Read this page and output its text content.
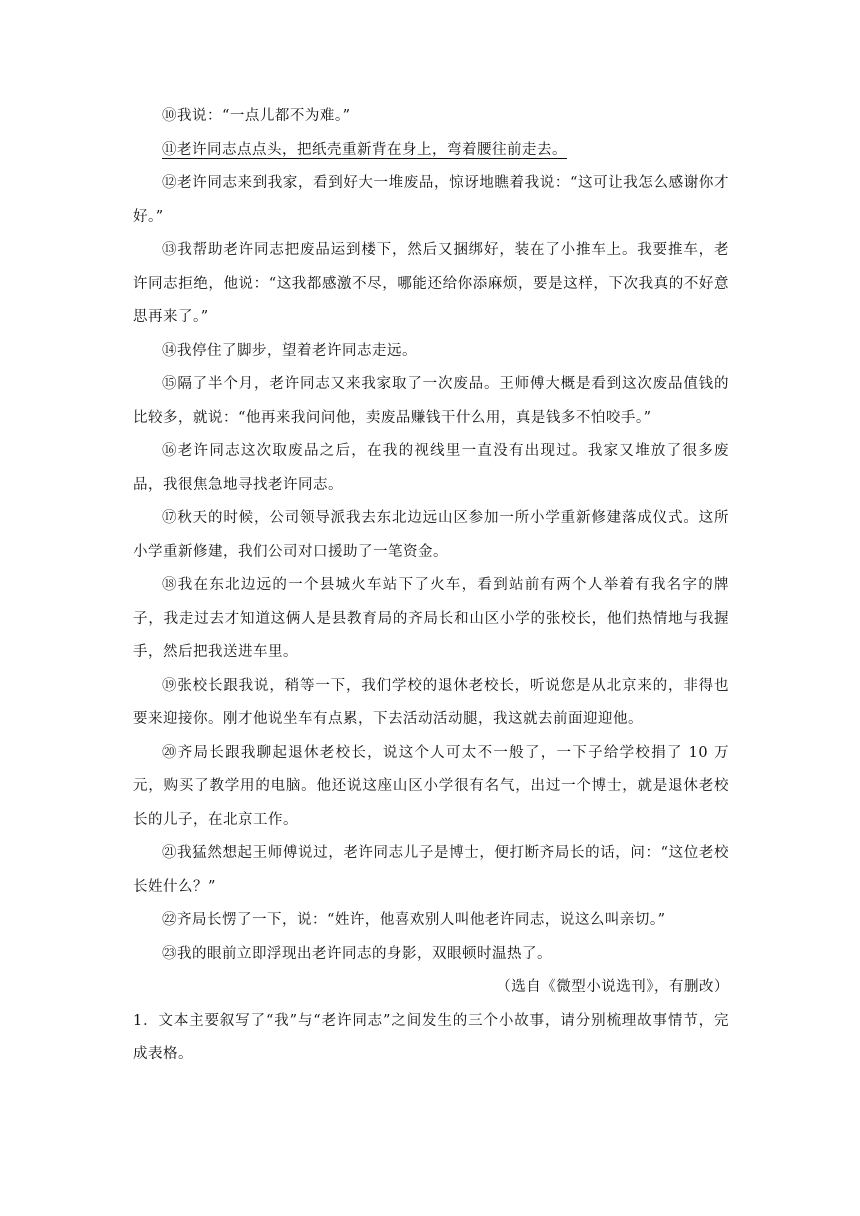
⑩我说：“一点儿都不为难。”

⑪老许同志点点头，把纸壳重新背在身上，弯着腰往前走去。

⑫老许同志来到我家，看到好大一堆废品，惊讶地瞧着我说：“这可让我怎么感谢你才好。”

⑬我帮助老许同志把废品运到楼下，然后又捆绑好，装在了小推车上。我要推车，老许同志拒绝，他说：“这我都感激不尽，哪能还给你添麻烦，要是这样，下次我真的不好意思再来了。”

⑭我停住了脚步，望着老许同志走远。

⑮隔了半个月，老许同志又来我家取了一次废品。王师傅大概是看到这次废品值钱的比较多，就说：“他再来我问问他，卖废品赚钱干什么用，真是钱多不怕咬手。”

⑯老许同志这次取废品之后，在我的视线里一直没有出现过。我家又堆放了很多废品，我很焦急地寻找老许同志。

⑰秋天的时候，公司领导派我去东北边远山区参加一所小学重新修建落成仪式。这所小学重新修建，我们公司对口援助了一笔资金。

⑱我在东北边远的一个县城火车站下了火车，看到站前有两个人举着有我名字的牌子，我走过去才知道这俩人是县教育局的齐局长和山区小学的张校长，他们热情地与我握手，然后把我送进车里。

⑲张校长跟我说，稍等一下，我们学校的退休老校长，听说您是从北京来的，非得也要来迎接你。刚才他说坐车有点累，下去活动活动腿，我这就去前面迎迎他。

⑳齐局长跟我聊起退休老校长，说这个人可太不一般了，一下子给学校捐了 10 万元，购买了教学用的电脑。他还说这座山区小学很有名气，出过一个博士，就是退休老校长的儿子，在北京工作。

㉑我猛然想起王师傅说过，老许同志儿子是博士，便打断齐局长的话，问：“这位老校长姓什么？”

㉒齐局长愣了一下，说：“姓许，他喜欢别人叫他老许同志，说这么叫亲切。”

㉓我的眼前立即浮现出老许同志的身影，双眼顿时温热了。

（选自《微型小说选刊》，有删改）

1．文本主要叙写了“我”与“老许同志”之间发生的三个小故事，请分别梳理故事情节，完成表格。
